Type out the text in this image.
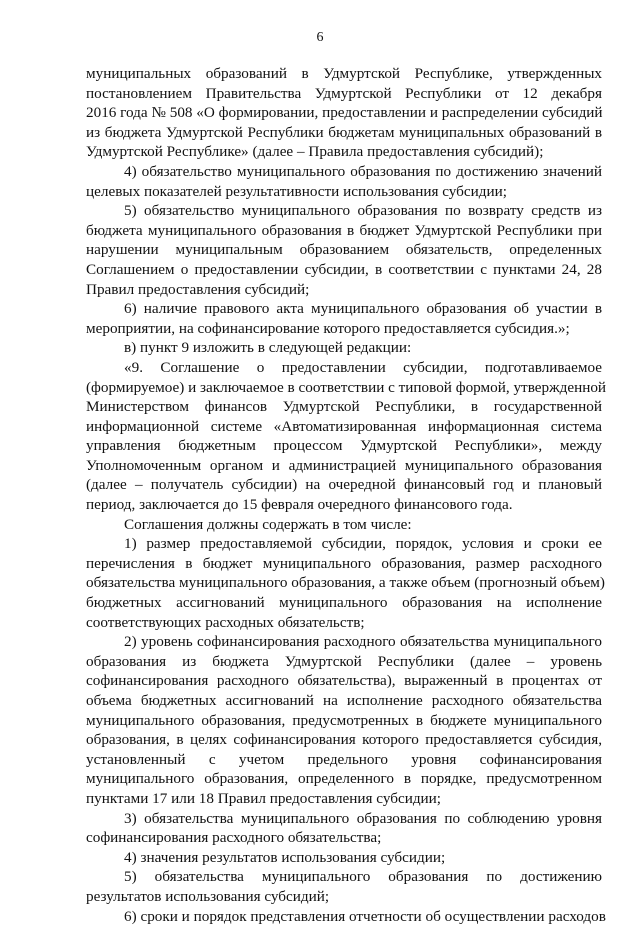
6
муниципальных образований в Удмуртской Республике, утвержденных
постановлением Правительства Удмуртской Республики от 12 декабря
2016 года № 508 «О формировании, предоставлении и распределении субсидий
из бюджета Удмуртской Республики бюджетам муниципальных образований в
Удмуртской Республике» (далее – Правила предоставления субсидий);
4) обязательство муниципального образования по достижению значений
целевых показателей результативности использования субсидии;
5) обязательство муниципального образования по возврату средств из
бюджета муниципального образования в бюджет Удмуртской Республики при
нарушении муниципальным образованием обязательств, определенных
Соглашением о предоставлении субсидии, в соответствии с пунктами 24, 28
Правил предоставления субсидий;
6) наличие правового акта муниципального образования об участии в
мероприятии, на софинансирование которого предоставляется субсидия.»;
в) пункт 9 изложить в следующей редакции:
«9. Соглашение о предоставлении субсидии, подготавливаемое
(формируемое) и заключаемое в соответствии с типовой формой, утвержденной
Министерством финансов Удмуртской Республики, в государственной
информационной системе «Автоматизированная информационная система
управления бюджетным процессом Удмуртской Республики», между
Уполномоченным органом и администрацией муниципального образования
(далее – получатель субсидии) на очередной финансовый год и плановый
период, заключается до 15 февраля очередного финансового года.
Соглашения должны содержать в том числе:
1) размер предоставляемой субсидии, порядок, условия и сроки ее
перечисления в бюджет муниципального образования, размер расходного
обязательства муниципального образования, а также объем (прогнозный объем)
бюджетных ассигнований муниципального образования на исполнение
соответствующих расходных обязательств;
2) уровень софинансирования расходного обязательства муниципального
образования из бюджета Удмуртской Республики (далее – уровень
софинансирования расходного обязательства), выраженный в процентах от
объема бюджетных ассигнований на исполнение расходного обязательства
муниципального образования, предусмотренных в бюджете муниципального
образования, в целях софинансирования которого предоставляется субсидия,
установленный с учетом предельного уровня софинансирования
муниципального образования, определенного в порядке, предусмотренном
пунктами 17 или 18 Правил предоставления субсидии;
3) обязательства муниципального образования по соблюдению уровня
софинансирования расходного обязательства;
4) значения результатов использования субсидии;
5) обязательства муниципального образования по достижению
результатов использования субсидий;
6) сроки и порядок представления отчетности об осуществлении расходов
